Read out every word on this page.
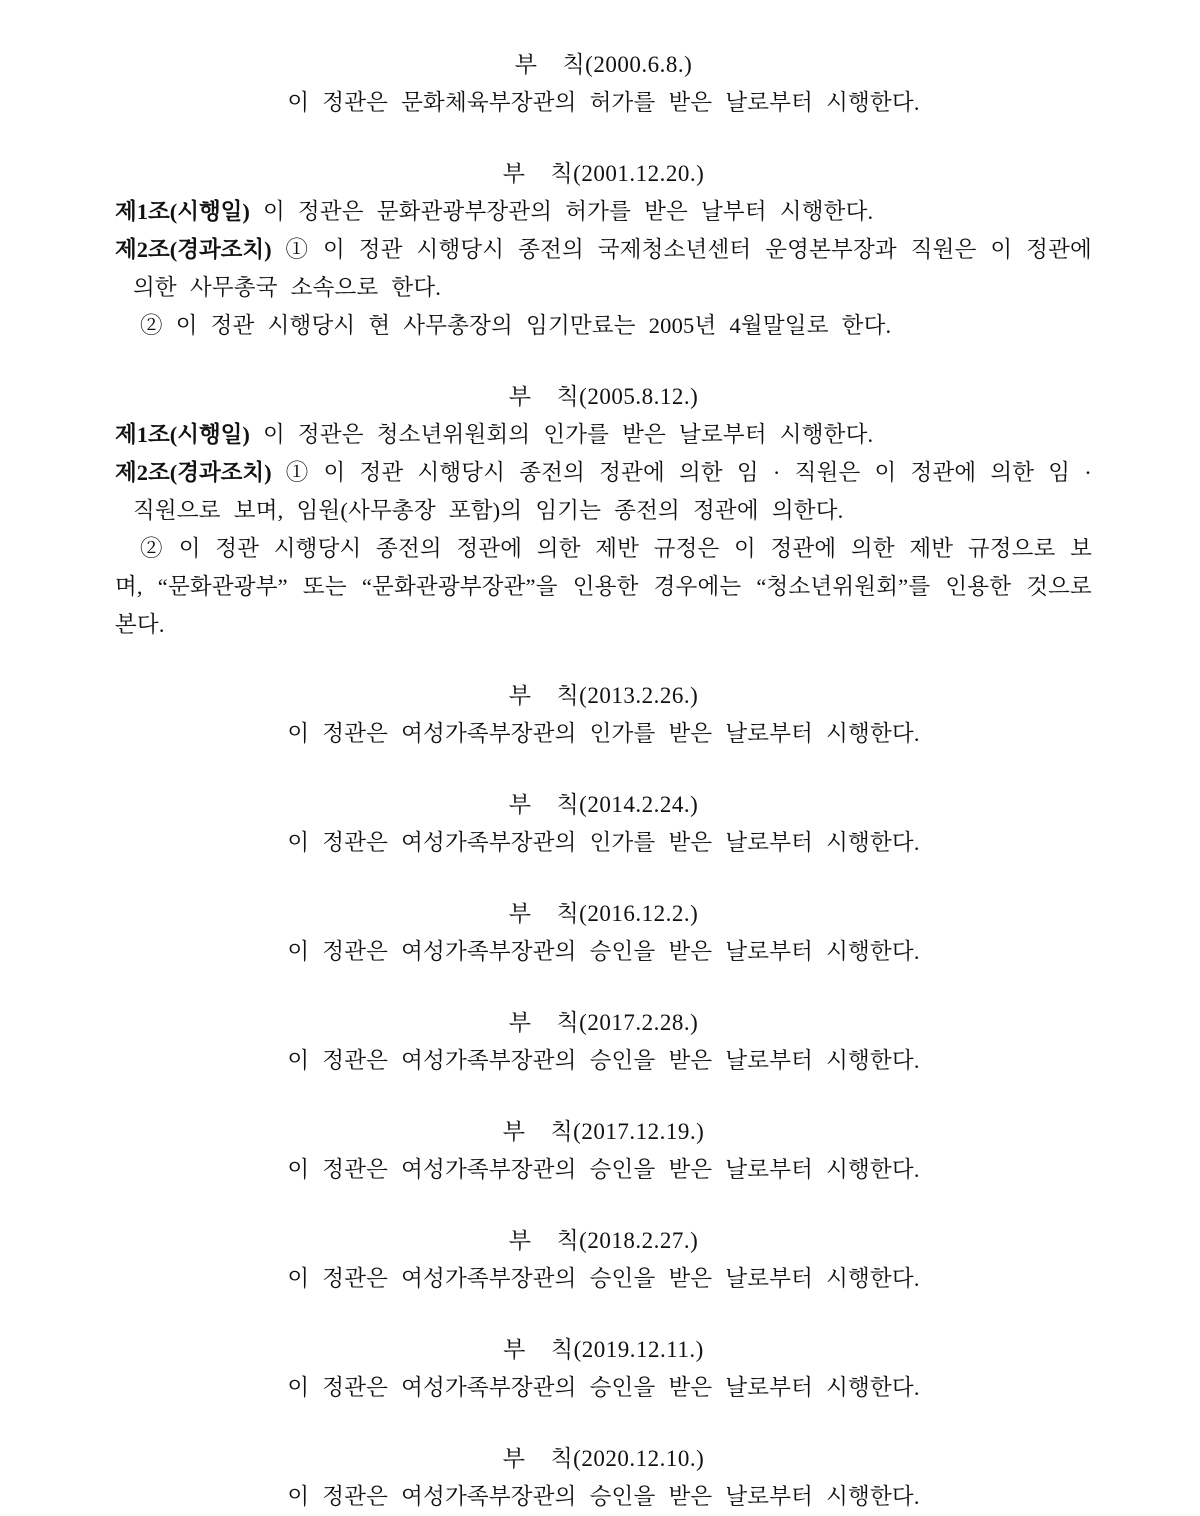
부    칙(2000.6.8.)

이 정관은 문화체육부장관의 허가를 받은 날로부터 시행한다.

부    칙(2001.12.20.)

제1조(시행일) 이 정관은 문화관광부장관의 허가를 받은 날부터 시행한다.

제2조(경과조치) ① 이 정관 시행당시 종전의 국제청소년센터 운영본부장과 직원은 이 정관에 의한 사무총국 소속으로 한다.

② 이 정관 시행당시 현 사무총장의 임기만료는 2005년 4월말일로 한다.

부    칙(2005.8.12.)

제1조(시행일) 이 정관은 청소년위원회의 인가를 받은 날로부터 시행한다.

제2조(경과조치) ① 이 정관 시행당시 종전의 정관에 의한 임 · 직원은 이 정관에 의한 임 · 직원으로 보며, 임원(사무총장 포함)의 임기는 종전의 정관에 의한다.

② 이 정관 시행당시 종전의 정관에 의한 제반 규정은 이 정관에 의한 제반 규정으로 보며, “문화관광부” 또는 “문화관광부장관”을 인용한 경우에는 “청소년위원회”를 인용한 것으로 본다.

부    칙(2013.2.26.)

이 정관은 여성가족부장관의 인가를 받은 날로부터 시행한다.

부    칙(2014.2.24.)

이 정관은 여성가족부장관의 인가를 받은 날로부터 시행한다.

부    칙(2016.12.2.)

이 정관은 여성가족부장관의 승인을 받은 날로부터 시행한다.

부    칙(2017.2.28.)

이 정관은 여성가족부장관의 승인을 받은 날로부터 시행한다.

부    칙(2017.12.19.)

이 정관은 여성가족부장관의 승인을 받은 날로부터 시행한다.

부    칙(2018.2.27.)

이 정관은 여성가족부장관의 승인을 받은 날로부터 시행한다.

부    칙(2019.12.11.)

이 정관은 여성가족부장관의 승인을 받은 날로부터 시행한다.

부    칙(2020.12.10.)

이 정관은 여성가족부장관의 승인을 받은 날로부터 시행한다.
